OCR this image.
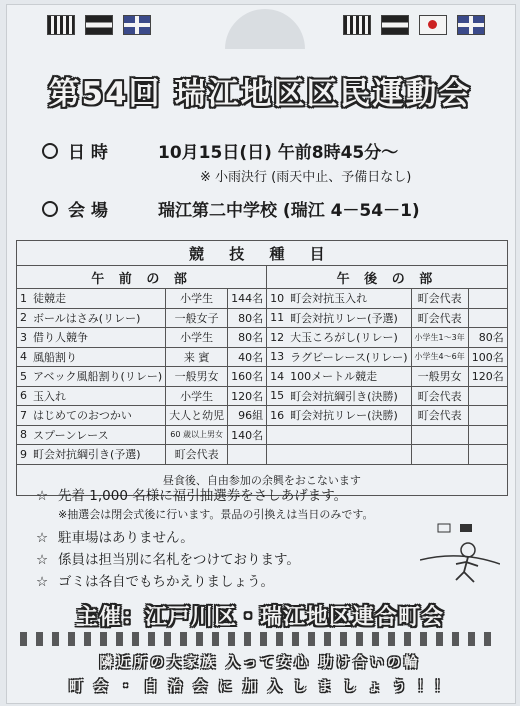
第54回 瑞江地区区民運動会
日 時	10月15日(日) 午前8時45分～
※ 小雨決行 (雨天中止、予備日なし)
会 場	瑞江第二中学校 (瑞江 4－54－1)
競 技 種 目							
午 前 の 部				午 後 の 部			
1	徒競走	小学生	144名	10	町会対抗玉入れ	町会代表	
2	ボールはさみ(リレー)	一般女子	80名	11	町会対抗リレー(予選)	町会代表	
3	借り人競争	小学生	80名	12	大玉ころがし(リレー)	小学生1～3年	80名
4	風船割り	来 賓	40名	13	ラグビーレース(リレー)	小学生4～6年	100名
5	アベック風船割り(リレー)	一般男女	160名	14	100メートル競走	一般男女	120名
6	玉入れ	小学生	120名	15	町会対抗綱引き(決勝)	町会代表	
7	はじめてのおつかい	大人と幼児	96組	16	町会対抗リレー(決勝)	町会代表	
8	スプーンレース	60 歳以上男女	140名				
9	町会対抗綱引き(予選)	町会代表					
昼食後、自由参加の余興をおこないます							
☆ 先着 1,000 名様に福引抽選券をさしあげます。
※抽選会は閉会式後に行います。景品の引換えは当日のみです。
☆ 駐車場はありません。
☆ 係員は担当別に名札をつけております。
☆ ゴミは各自でもちかえりましょう。
主催：江戸川区・瑞江地区連合町会
隣近所の大家族 入って安心 助け合いの輪
町 会 ・ 自 治 会 に 加 入 し ま し ょ う ！！
